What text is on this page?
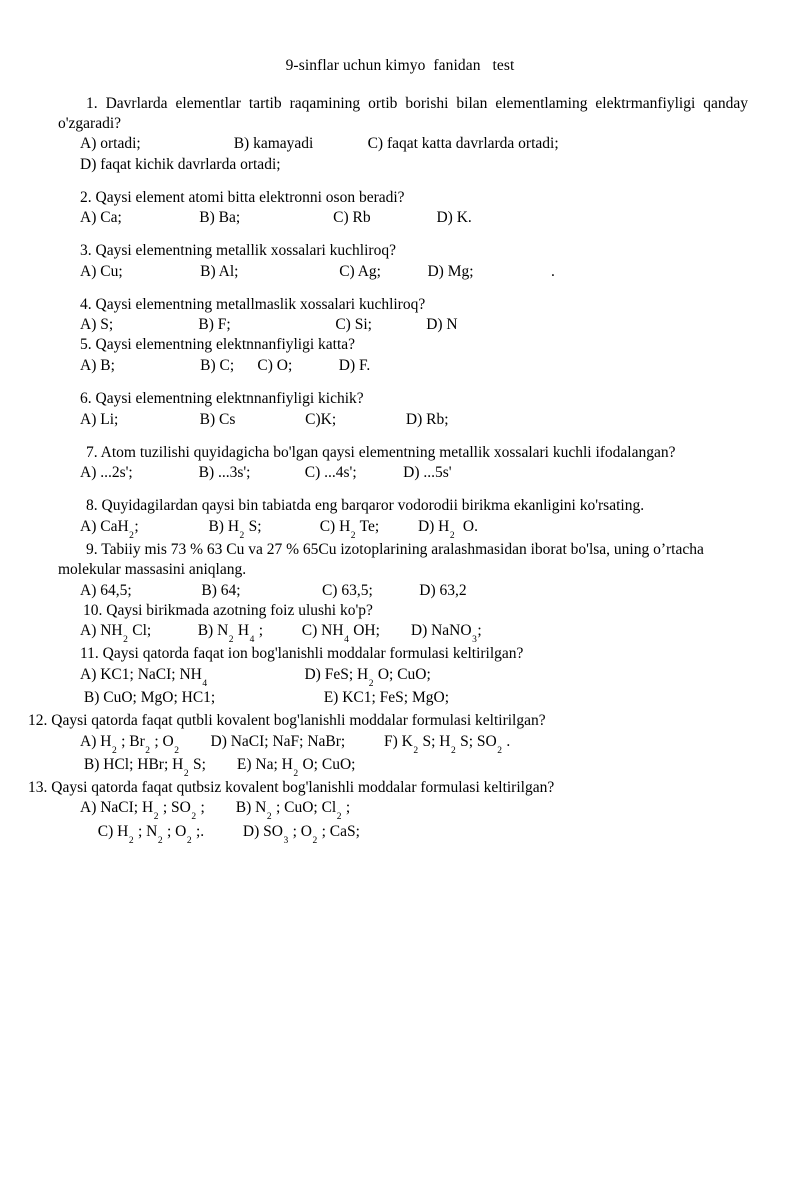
9-sinflar uchun kimyo  fanidan   test
1. Davrlarda elementlar tartib raqamining ortib borishi bilan elementlaming elektrmanfiyligi qanday o'zgaradi?
A) ortadi;                        B) kamayadi              C) faqat katta davrlarda ortadi;
D) faqat kichik davrlarda ortadi;
2. Qaysi element atomi bitta elektronni oson beradi?
A) Ca;                    B) Ba;                        C) Rb                 D) K.
3. Qaysi elementning metallik xossalari kuchliroq?
A) Cu;                    B) Al;                          C) Ag;            D) Mg;                    .
4. Qaysi elementning metallmaslik xossalari kuchliroq?
A) S;                      B) F;                           C) Si;              D) N
5. Qaysi elementning elektnnanfiyligi katta?
A) B;                      B) C;      C) O;            D) F.
6. Qaysi elementning elektnnanfiyligi kichik?
A) Li;                     B) Cs                  C)K;                  D) Rb;
7. Atom tuzilishi quyidagicha bo'lgan qaysi elementning metallik xossalari kuchli ifodalangan?
A) ...2s';                 B) ...3s';              C) ...4s';            D) ...5s'
8. Quyidagilardan qaysi bin tabiatda eng barqaror vodorodii birikma ekanligini ko'rsating.
A) CaH$_2$;                  B) $H_2$ S;               C) $H_2$ Te;          D) $H_2$  O.
9. Tabiiy mis 73 % 63 Cu va 27 % 65Cu izotoplarining aralashmasidan iborat bo'lsa, uning o’rtacha molekular massasini aniqlang.
A) 64,5;                  B) 64;                     C) 63,5;            D) 63,2
10. Qaysi birikmada azotning foiz ulushi ko'p?
A) $NH_2$ Cl;            B) $N_2$ $H_4$ ;          C) $NH_4$ OH;        D) NaNO$_3$;
11. Qaysi qatorda faqat ion bog'lanishli moddalar formulasi keltirilgan?
A) KC1; NaCI; $NH_4$                         D) FeS; $H_2$ O; CuO;
B) CuO; MgO; HC1;                            E) KC1; FeS; MgO;
12. Qaysi qatorda faqat qutbli kovalent bog'lanishli moddalar formulasi keltirilgan?
A) $H_2$ ; $Br_2$ ; $O_2$        D) NaCI; NaF; NaBr;          F) $K_2$ S; $H_2$ S; $SO_2$ .
B) HCl; HBr; $H_2$ S;        E) Na; $H_2$ O; CuO;
13. Qaysi qatorda faqat qutbsiz kovalent bog'lanishli moddalar formulasi keltirilgan?
A) NaCI; $H_2$ ; $SO_2$ ;        B) $N_2$ ; CuO; $Cl_2$ ;
C) $H_2$ ; $N_2$ ; $O_2$ ;.          D) $SO_3$ ; $O_2$ ; CaS;
